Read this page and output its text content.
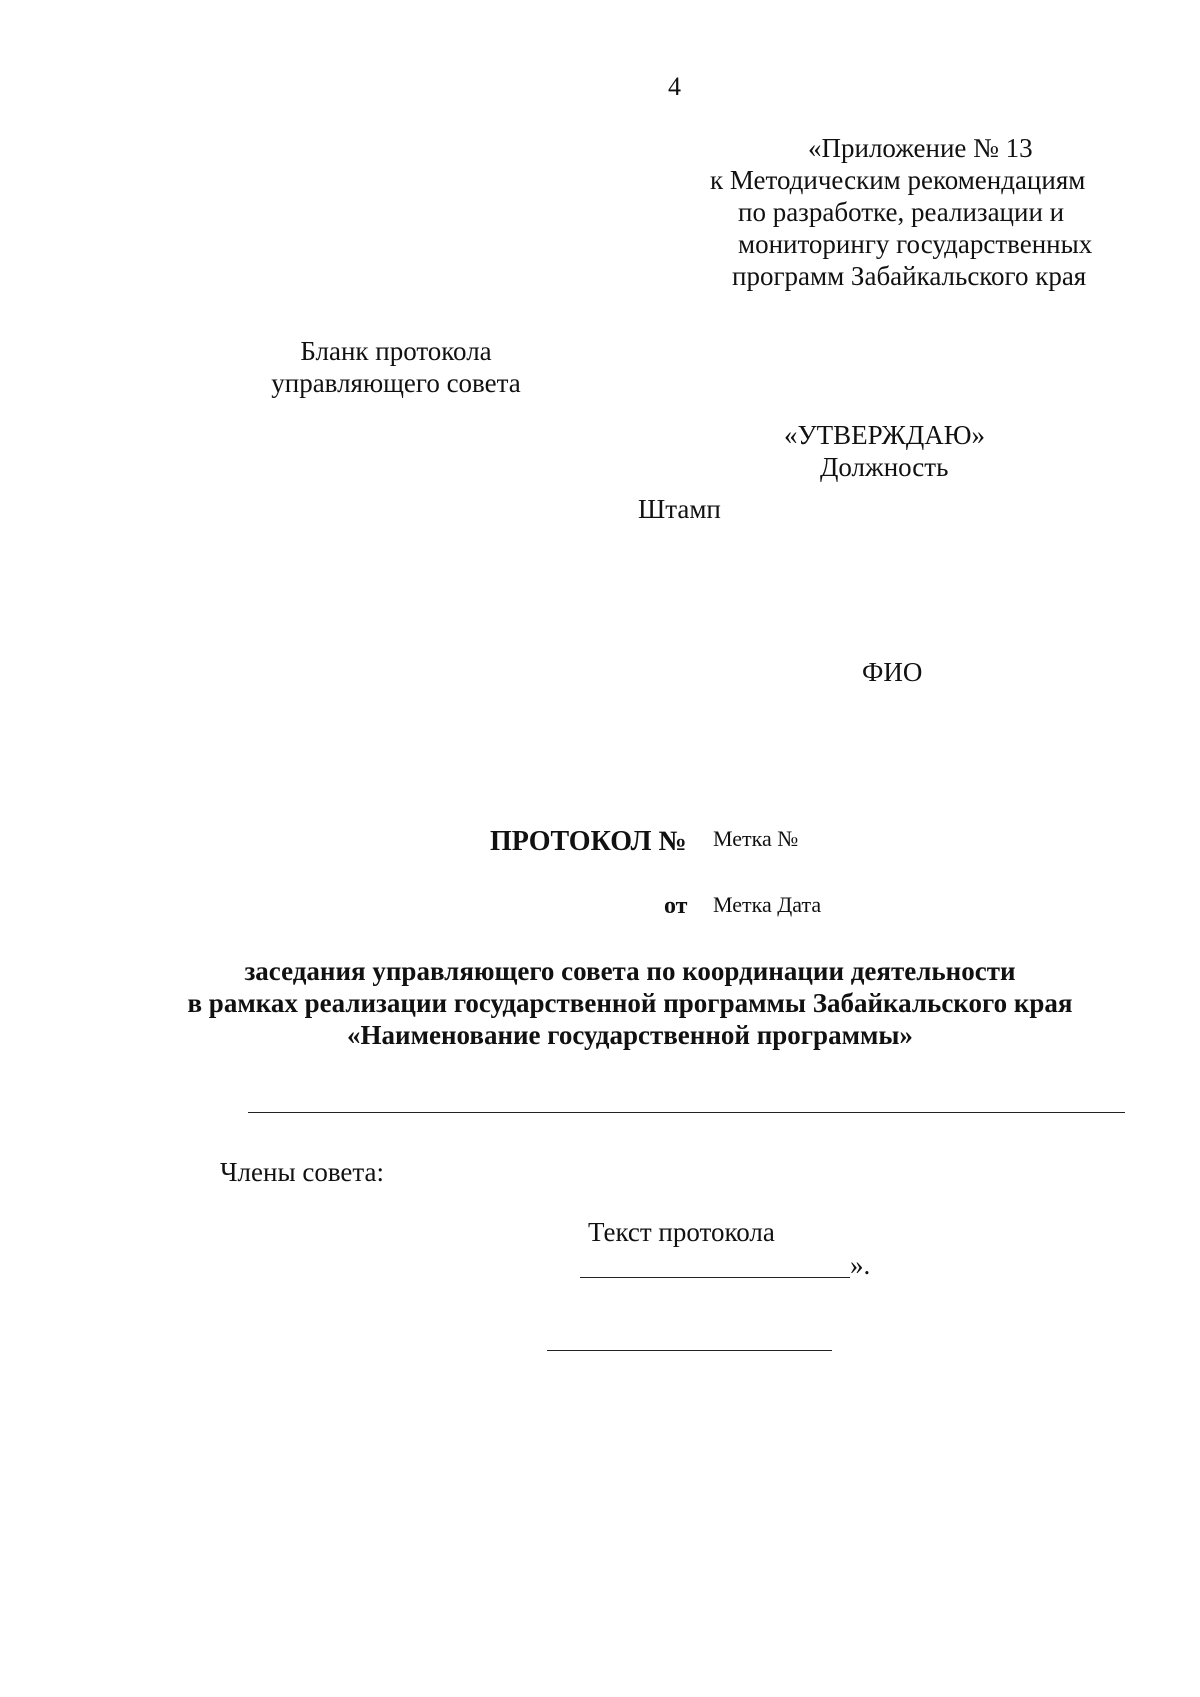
4
«Приложение № 13
к Методическим рекомендациям
по разработке, реализации и
мониторингу государственных
программ Забайкальского края
Бланк протокола
управляющего совета
«УТВЕРЖДАЮ»
Должность
Штамп
ФИО
ПРОТОКОЛ № Метка №
от Метка Дата
заседания управляющего совета по координации деятельности
в рамках реализации государственной программы Забайкальского края
«Наименование государственной программы»
Члены совета:
Текст протокола
».
